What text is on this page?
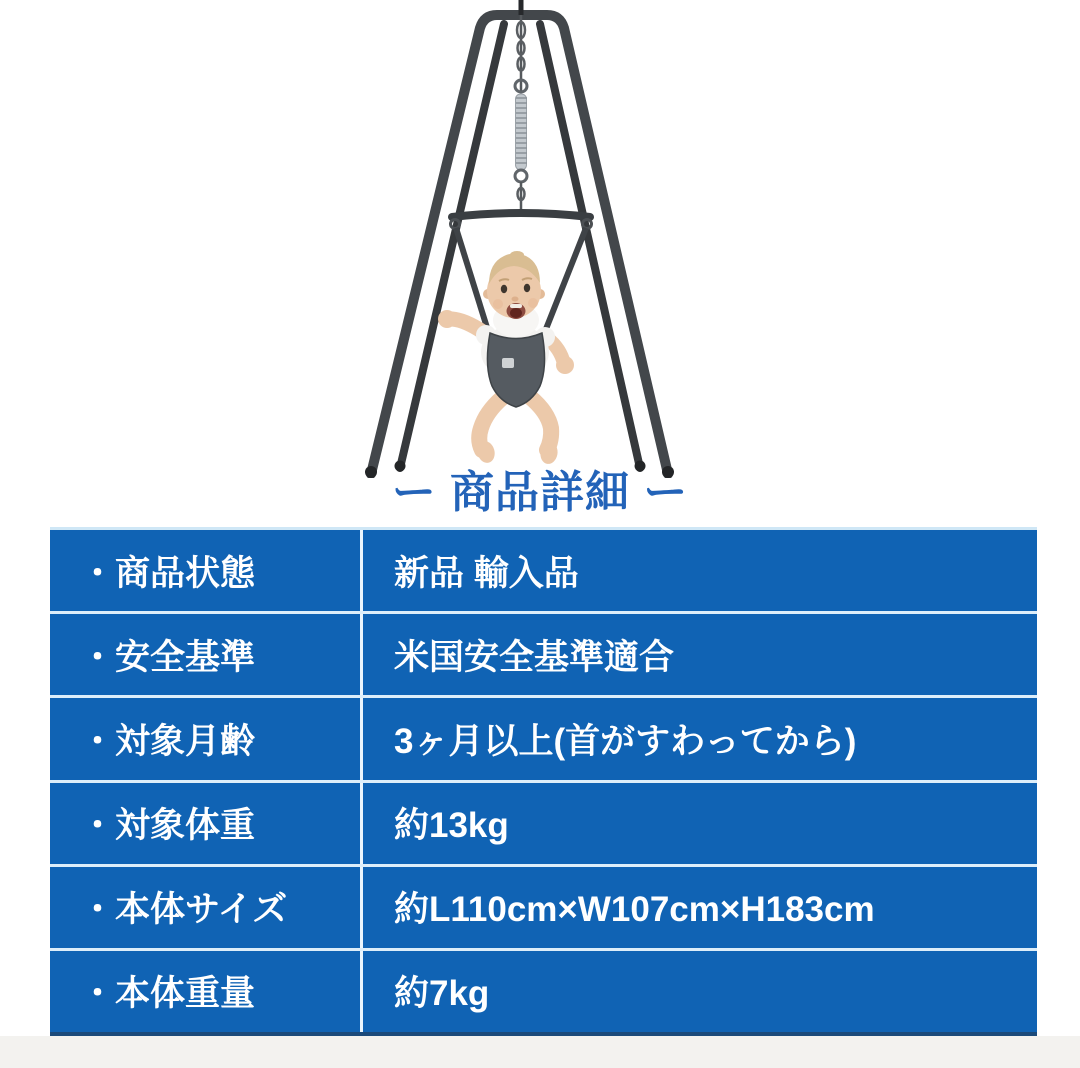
ー 商品詳細 ー
・商品状態	新品 輸入品
・安全基準	米国安全基準適合
・対象月齢	3ヶ月以上(首がすわってから)
・対象体重	約13kg
・本体サイズ	約L110cm×W107cm×H183cm
・本体重量	約7kg
